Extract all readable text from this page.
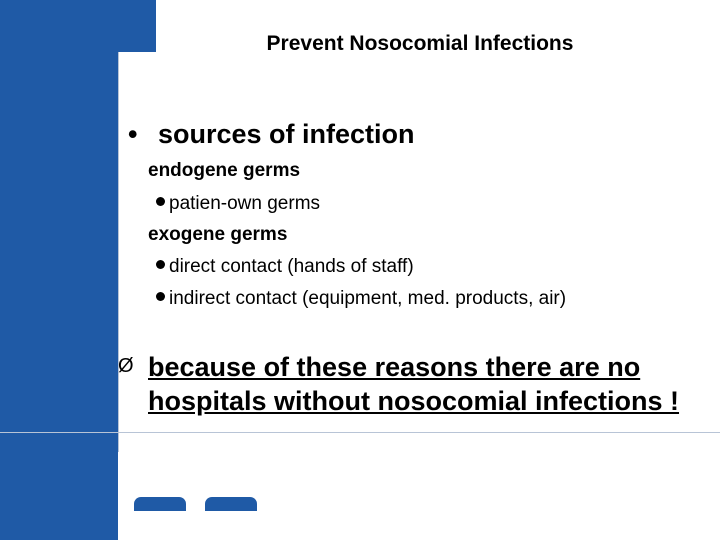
Prevent Nosocomial Infections
• sources of infection
endogene germs
patien-own germs
exogene germs
direct contact (hands of staff)
indirect contact (equipment, med. products, air)
Ø because of these reasons there are no hospitals without nosocomial infections !
